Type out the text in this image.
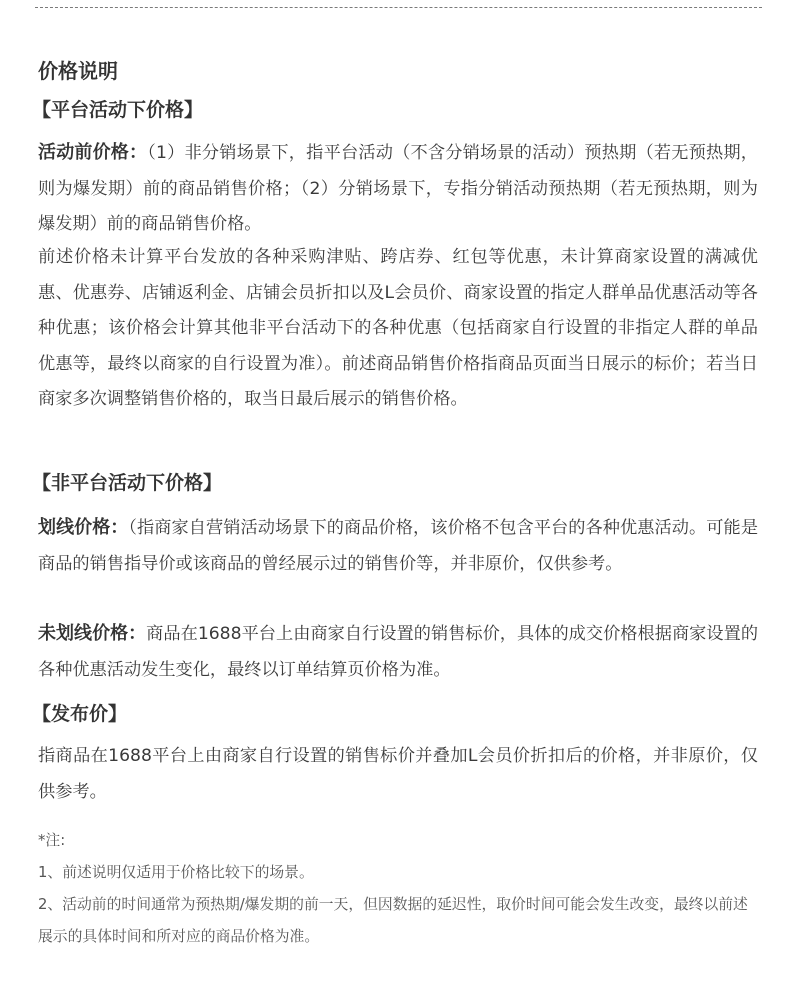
价格说明
【平台活动下价格】
活动前价格：（1）非分销场景下，指平台活动（不含分销场景的活动）预热期（若无预热期，则为爆发期）前的商品销售价格；（2）分销场景下，专指分销活动预热期（若无预热期，则为爆发期）前的商品销售价格。
前述价格未计算平台发放的各种采购津贴、跨店券、红包等优惠，未计算商家设置的满减优惠、优惠券、店铺返利金、店铺会员折扣以及L会员价、商家设置的指定人群单品优惠活动等各种优惠；该价格会计算其他非平台活动下的各种优惠（包括商家自行设置的非指定人群的单品优惠等，最终以商家的自行设置为准）。前述商品销售价格指商品页面当日展示的标价；若当日商家多次调整销售价格的，取当日最后展示的销售价格。
【非平台活动下价格】
划线价格：（指商家自营销活动场景下的商品价格，该价格不包含平台的各种优惠活动。可能是商品的销售指导价或该商品的曾经展示过的销售价等，并非原价，仅供参考。
未划线价格：商品在1688平台上由商家自行设置的销售标价，具体的成交价格根据商家设置的各种优惠活动发生变化，最终以订单结算页价格为准。
【发布价】
指商品在1688平台上由商家自行设置的销售标价并叠加L会员价折扣后的价格，并非原价，仅供参考。
*注:
1、前述说明仅适用于价格比较下的场景。
2、活动前的时间通常为预热期/爆发期的前一天，但因数据的延迟性，取价时间可能会发生改变，最终以前述展示的具体时间和所对应的商品价格为准。
